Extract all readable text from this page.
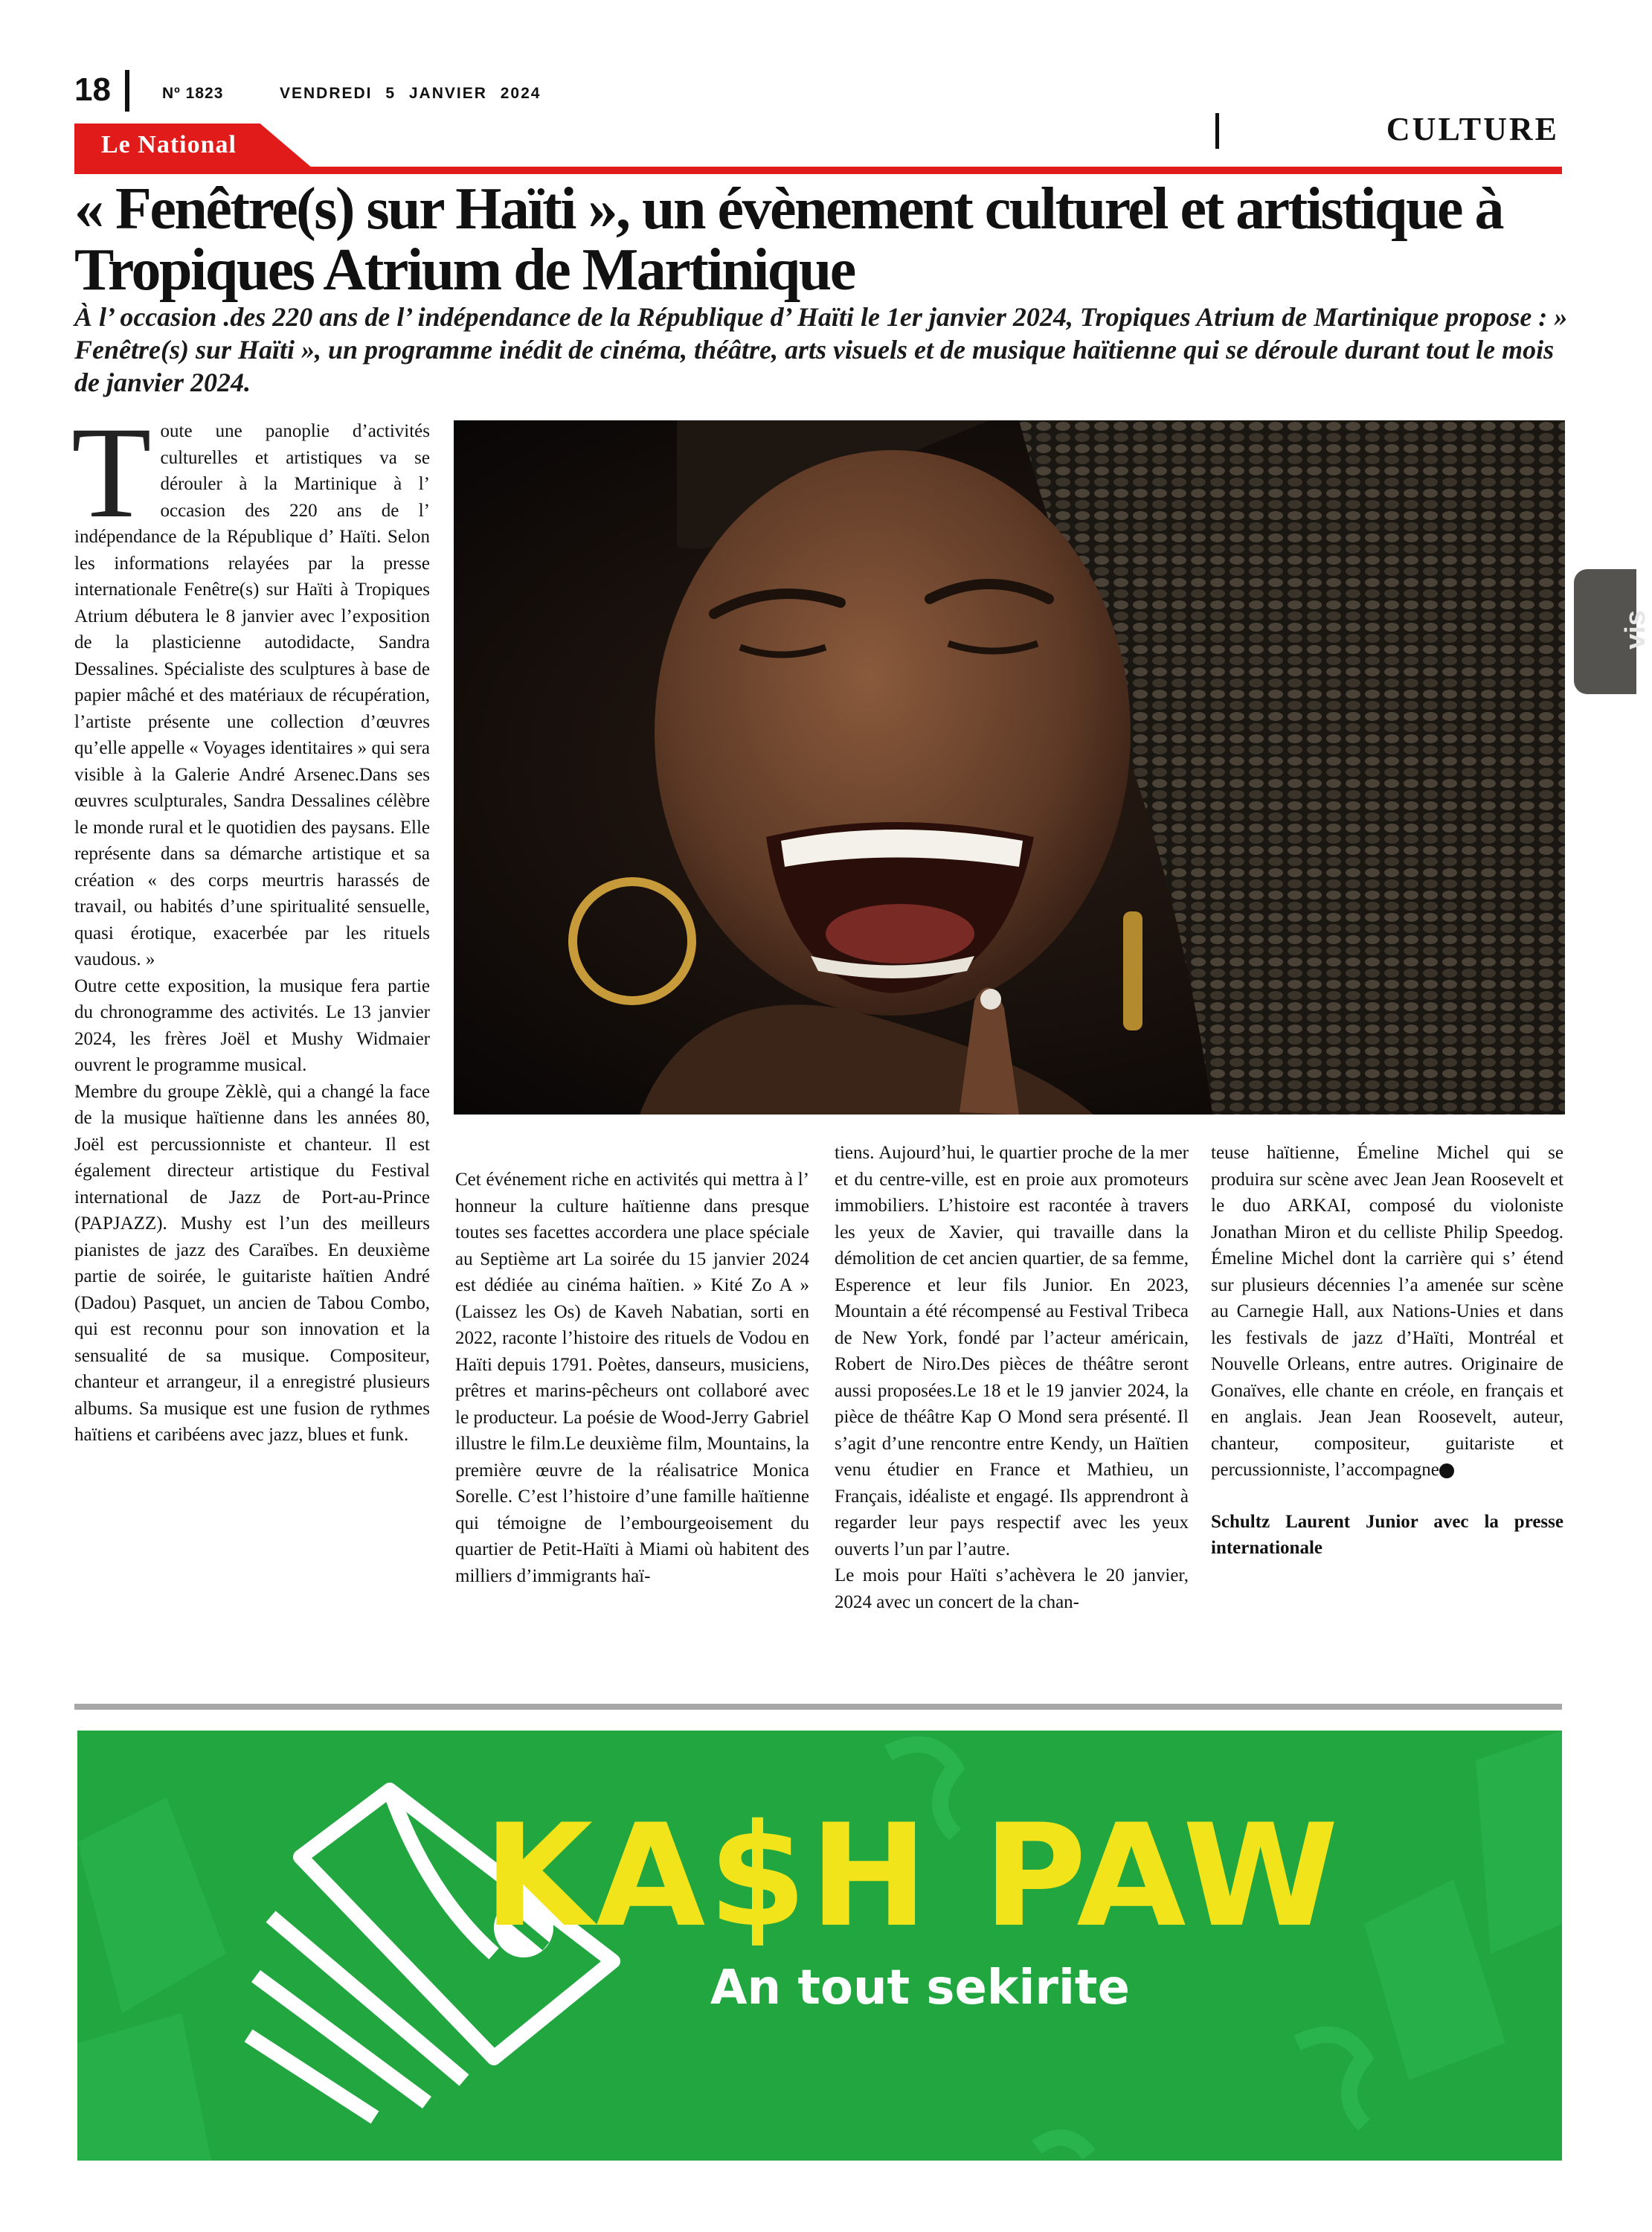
18	Nº 1823	VENDREDI 5 JANVIER 2024
CULTURE
Le National
« Fenêtre(s) sur Haïti », un évènement culturel et artistique à Tropiques Atrium de Martinique
À l’ occasion .des 220 ans de l’ indépendance de la République d’ Haïti le 1er janvier 2024, Tropiques Atrium de Martinique propose : » Fenêtre(s) sur Haïti », un programme inédit de cinéma, théâtre, arts visuels et de musique haïtienne qui se déroule durant tout le mois de janvier 2024.

Toute une panoplie d’activités culturelles et artistiques va se dérouler à la Martinique à l’ occasion des 220 ans de l’ indépendance de la République d’ Haïti. Selon les informations relayées par la presse internationale Fenêtre(s) sur Haïti à Tropiques Atrium débutera le 8 janvier avec l’exposition de la plasticienne autodidacte, Sandra Dessalines. Spécialiste des sculptures à base de papier mâché et des matériaux de récupération, l’artiste présente une collection d’œuvres qu’elle appelle « Voyages identitaires » qui sera visible à la Galerie André Arsenec.Dans ses œuvres sculpturales, Sandra Dessalines célèbre le monde rural et le quotidien des paysans. Elle représente dans sa démarche artistique et sa création « des corps meurtris harassés de travail, ou habités d’une spiritualité sensuelle, quasi érotique, exacerbée par les rituels vaudous. »

Outre cette exposition, la musique fera partie du chronogramme des activités. Le 13 janvier 2024, les frères Joël et Mushy Widmaier ouvrent le programme musical.

Membre du groupe Zèklè, qui a changé la face de la musique haïtienne dans les années 80, Joël est percussionniste et chanteur. Il est également directeur artistique du Festival international de Jazz de Port-au-Prince (PAPJAZZ). Mushy est l’un des meilleurs pianistes de jazz des Caraïbes. En deuxième partie de soirée, le guitariste haïtien André (Dadou) Pasquet, un ancien de Tabou Combo, qui est reconnu pour son innovation et la sensualité de sa musique. Compositeur, chanteur et arrangeur, il a enregistré plusieurs albums. Sa musique est une fusion de rythmes haïtiens et caribéens avec jazz, blues et funk.

vis

Cet événement riche en activités qui mettra à l’ honneur la culture haïtienne dans presque toutes ses facettes accordera une place spéciale au Septième art La soirée du 15 janvier 2024 est dédiée au cinéma haïtien. » Kité Zo A » (Laissez les Os) de Kaveh Nabatian, sorti en 2022, raconte l’histoire des rituels de Vodou en Haïti depuis 1791. Poètes, danseurs, musiciens, prêtres et marins-pêcheurs ont collaboré avec le producteur. La poésie de Wood-Jerry Gabriel illustre le film.Le deuxième film, Mountains, la première œuvre de la réalisatrice Monica Sorelle. C’est l’histoire d’une famille haïtienne qui témoigne de l’embourgeoisement du quartier de Petit-Haïti à Miami où habitent des milliers d’immigrants haï-

tiens. Aujourd’hui, le quartier proche de la mer et du centre-ville, est en proie aux promoteurs immobiliers. L’histoire est racontée à travers les yeux de Xavier, qui travaille dans la démolition de cet ancien quartier, de sa femme, Esperence et leur fils Junior. En 2023, Mountain a été récompensé au Festival Tribeca de New York, fondé par l’acteur américain, Robert de Niro.Des pièces de théâtre seront aussi proposées.Le 18 et le 19 janvier 2024, la pièce de théâtre Kap O Mond sera présenté. Il s’agit d’une rencontre entre Kendy, un Haïtien venu étudier en France et Mathieu, un Français, idéaliste et engagé. Ils apprendront à regarder leur pays respectif avec les yeux ouverts l’un par l’autre.

Le mois pour Haïti s’achèvera le 20 janvier, 2024 avec un concert de la chan-

teuse haïtienne, Émeline Michel qui se produira sur scène avec Jean Jean Roosevelt et le duo ARKAI, composé du violoniste Jonathan Miron et du celliste Philip Speedog. Émeline Michel dont la carrière qui s’ étend sur plusieurs décennies l’a amenée sur scène au Carnegie Hall, aux Nations-Unies et dans les festivals de jazz d’Haïti, Montréal et Nouvelle Orleans, entre autres. Originaire de Gonaïves, elle chante en créole, en français et en anglais. Jean Jean Roosevelt, auteur, chanteur, compositeur, guitariste et percussionniste, l’accompagne

Schultz Laurent Junior avec la presse internationale

KA$H PAW
An tout sekirite
